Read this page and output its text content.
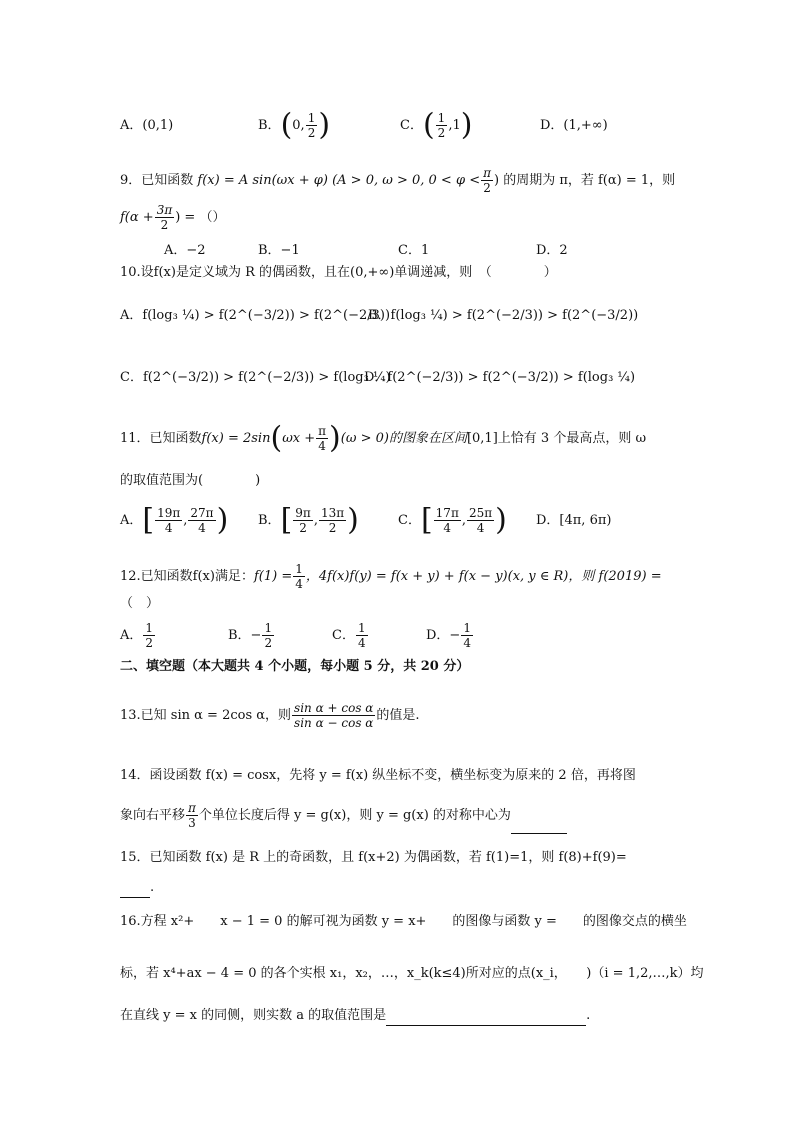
A．(0,1)	B．(0, $\frac{1}{2}$ )	C．( $\frac{1}{2} ,1$)	D．(1,+∞)
9．已知函数 f(x) = A sin(ωx + φ) (A > 0, ω > 0, $0 < \varphi < \frac{\pi}{2}$ ) 的周期为 π，若 f(α) = 1，则
$f(\alpha + \frac{3\pi}{2}$ ) = （）
A．−2	B．−1	C．1	D．2
10.设f(x)是定义域为 R 的偶函数，且在(0,+∞)单调递减，则　（　　　　）
A．f(log₃ ¼) > f(2^(−3/2)) > f(2^(−2/3))
B．f(log₃ ¼) > f(2^(−2/3)) > f(2^(−3/2))
C．f(2^(−3/2)) > f(2^(−2/3)) > f(log₃ ¼)
D．f(2^(−2/3)) > f(2^(−3/2)) > f(log₃ ¼)
11．已知函数$f(x) = 2\sin(\omega x + \frac{\pi}{4} )(\omega > 0)$的图象在区间[0,1]上恰有 3 个最高点，则 ω
的取值范围为(　　　　)
A．[ $\frac{19\pi}{4}$ , $\frac{27\pi}{4}$ ) B．[ $\frac{9\pi}{2}$ , $\frac{13\pi}{2}$ )	C．[ $\frac{17\pi}{4}$ , $\frac{25\pi}{4}$ ) D．[4π, 6π)
12.已知函数f(x)满足：$f(1) = \frac{1}{4}$ ，4f(x)f(y) = f(x + y) + f(x − y)(x, y ∈ R)，则 f(2019) =
（　）
A． $\frac{1}{2}$	B．− $\frac{1}{2}$	C． $\frac{1}{4}$	D．− $\frac{1}{4}$
二、填空题（本大题共 4 个小题，每小题 5 分，共 20 分）
13.已知 sin α = 2cos α，则 $\frac{\text{sin α + cos α}}{\text{sin α − cos α}}$ 的值是.
14．函设函数 f(x) = cosx，先将 y = f(x) 纵坐标不变，横坐标变为原来的 2 倍，再将图
象向右平移 $\frac{\pi}{3}$ 个单位长度后得 y = g(x)，则 y = g(x) 的对称中心为
15．已知函数 f(x) 是 R 上的奇函数，且 f(x+2) 为偶函数，若 f(1)=1，则 f(8)+f(9)=
.
16.方程 x²+　　x − 1 = 0 的解可视为函数 y = x+　　的图像与函数 y =　　的图像交点的横坐
标，若 x⁴+ax − 4 = 0 的各个实根 x₁，x₂，…，x_k(k≤4)所对应的点(x_i，　　)（i = 1,2,…,k）均
在直线 y = x 的同侧，则实数 a 的取值范围是	.
